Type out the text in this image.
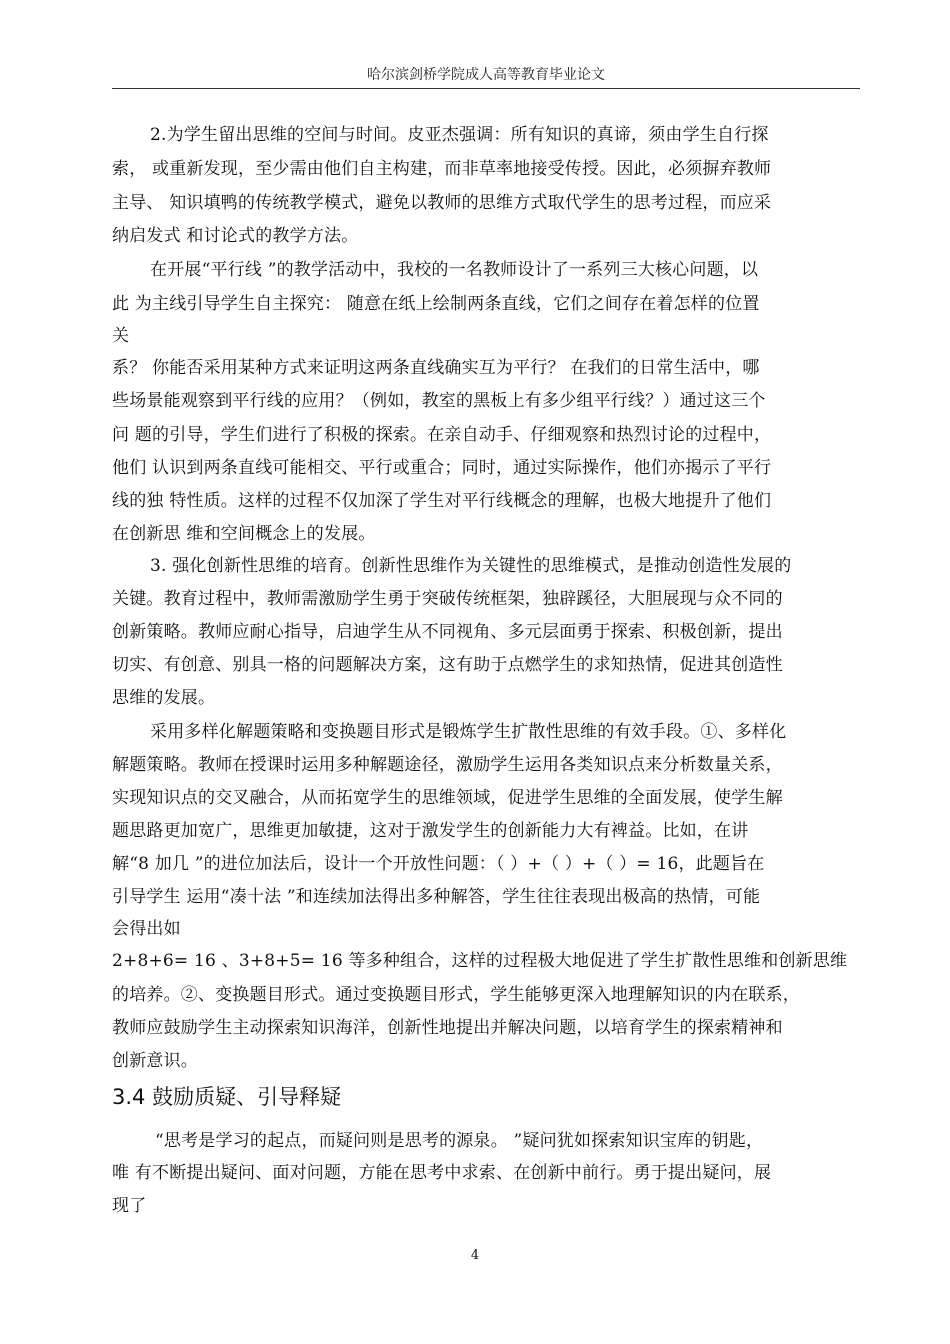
哈尔滨剑桥学院成人高等教育毕业论文
2.为学生留出思维的空间与时间。皮亚杰强调：所有知识的真谛，须由学生自行探
索， 或重新发现，至少需由他们自主构建，而非草率地接受传授。因此，必须摒弃教师
主导、 知识填鸭的传统教学模式，避免以教师的思维方式取代学生的思考过程，而应采
纳启发式 和讨论式的教学方法。
在开展“平行线 ”的教学活动中，我校的一名教师设计了一系列三大核心问题，以
此 为主线引导学生自主探究： 随意在纸上绘制两条直线，它们之间存在着怎样的位置
关
系？ 你能否采用某种方式来证明这两条直线确实互为平行？ 在我们的日常生活中，哪
些场景能观察到平行线的应用？（例如，教室的黑板上有多少组平行线？）通过这三个
问 题的引导，学生们进行了积极的探索。在亲自动手、仔细观察和热烈讨论的过程中，
他们 认识到两条直线可能相交、平行或重合；同时，通过实际操作，他们亦揭示了平行
线的独 特性质。这样的过程不仅加深了学生对平行线概念的理解，也极大地提升了他们
在创新思 维和空间概念上的发展。
3. 强化创新性思维的培育。创新性思维作为关键性的思维模式，是推动创造性发展的
关键。教育过程中，教师需激励学生勇于突破传统框架，独辟蹊径，大胆展现与众不同的
创新策略。教师应耐心指导，启迪学生从不同视角、多元层面勇于探索、积极创新，提出
切实、有创意、别具一格的问题解决方案，这有助于点燃学生的求知热情，促进其创造性
思维的发展。
采用多样化解题策略和变换题目形式是锻炼学生扩散性思维的有效手段。①、多样化
解题策略。教师在授课时运用多种解题途径，激励学生运用各类知识点来分析数量关系，
实现知识点的交叉融合，从而拓宽学生的思维领域，促进学生思维的全面发展，使学生解
题思路更加宽广，思维更加敏捷，这对于激发学生的创新能力大有裨益。比如，在讲
解“8 加几 ”的进位加法后，设计一个开放性问题：（ ）+（ ）+（ ）= 16，此题旨在
引导学生 运用“凑十法 ”和连续加法得出多种解答，学生往往表现出极高的热情，可能
会得出如
2+8+6= 16 、3+8+5= 16 等多种组合，这样的过程极大地促进了学生扩散性思维和创新思维
的培养。②、变换题目形式。通过变换题目形式，学生能够更深入地理解知识的内在联系，
教师应鼓励学生主动探索知识海洋，创新性地提出并解决问题，以培育学生的探索精神和
创新意识。
3.4 鼓励质疑、引导释疑
“思考是学习的起点，而疑问则是思考的源泉。 ”疑问犹如探索知识宝库的钥匙，
唯 有不断提出疑问、面对问题，方能在思考中求索、在创新中前行。勇于提出疑问，展
现了
4
